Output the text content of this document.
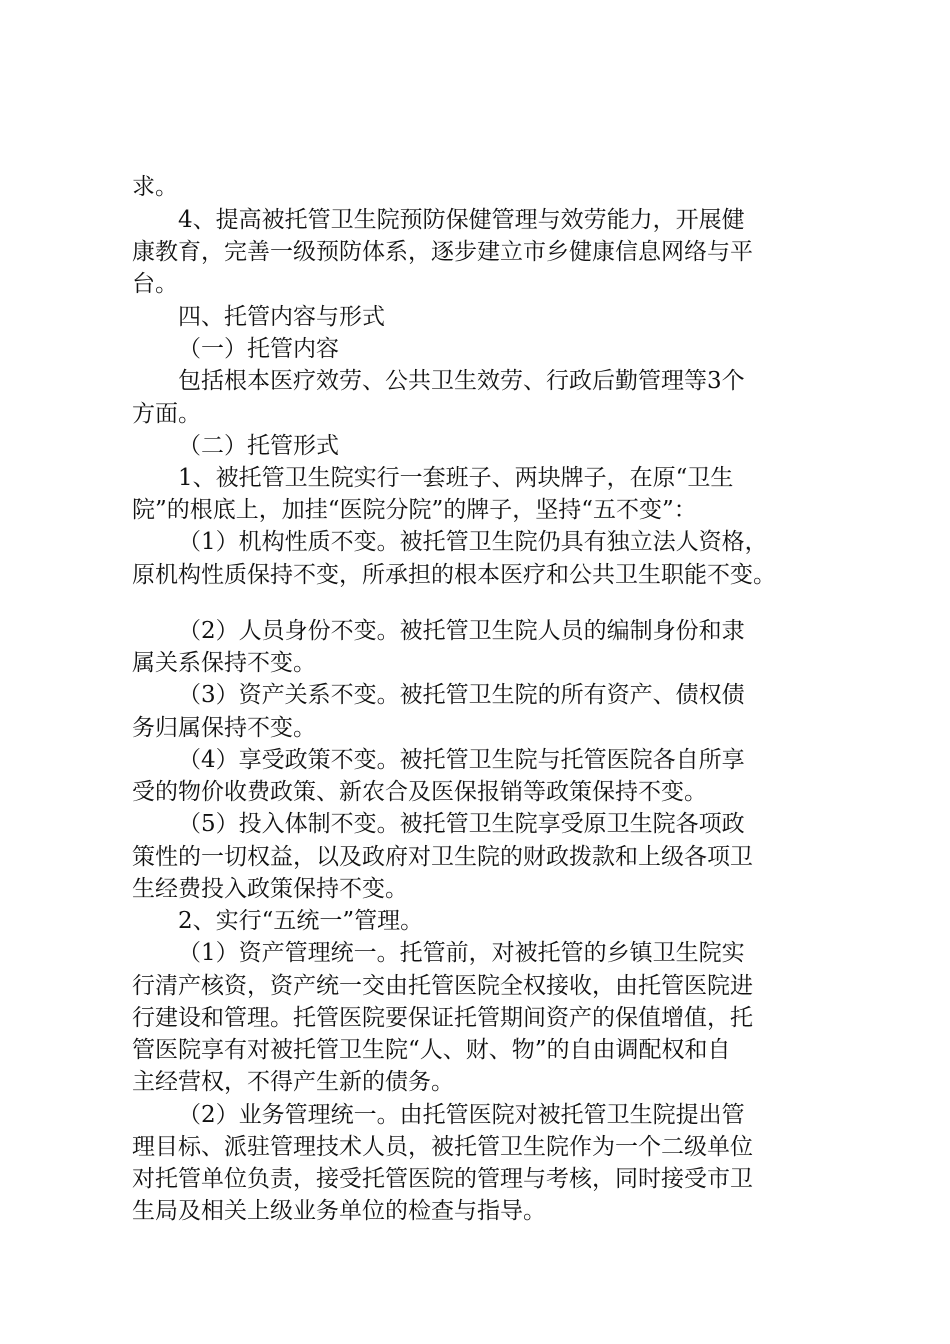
求。

4、提高被托管卫生院预防保健管理与效劳能力，开展健

康教育，完善一级预防体系，逐步建立市乡健康信息网络与平

台。

四、托管内容与形式

（一）托管内容

包括根本医疗效劳、公共卫生效劳、行政后勤管理等3个

方面。

（二）托管形式

1、被托管卫生院实行一套班子、两块牌子，在原“卫生

院”的根底上，加挂“医院分院”的牌子，坚持“五不变”：

（1）机构性质不变。被托管卫生院仍具有独立法人资格，

原机构性质保持不变，所承担的根本医疗和公共卫生职能不变。

（2）人员身份不变。被托管卫生院人员的编制身份和隶

属关系保持不变。

（3）资产关系不变。被托管卫生院的所有资产、债权债

务归属保持不变。

（4）享受政策不变。被托管卫生院与托管医院各自所享

受的物价收费政策、新农合及医保报销等政策保持不变。

（5）投入体制不变。被托管卫生院享受原卫生院各项政

策性的一切权益，以及政府对卫生院的财政拨款和上级各项卫

生经费投入政策保持不变。

2、实行“五统一”管理。

（1）资产管理统一。托管前，对被托管的乡镇卫生院实

行清产核资，资产统一交由托管医院全权接收，由托管医院进

行建设和管理。托管医院要保证托管期间资产的保值增值，托

管医院享有对被托管卫生院“人、财、物”的自由调配权和自

主经营权，不得产生新的债务。

（2）业务管理统一。由托管医院对被托管卫生院提出管

理目标、派驻管理技术人员，被托管卫生院作为一个二级单位

对托管单位负责，接受托管医院的管理与考核，同时接受市卫

生局及相关上级业务单位的检查与指导。
